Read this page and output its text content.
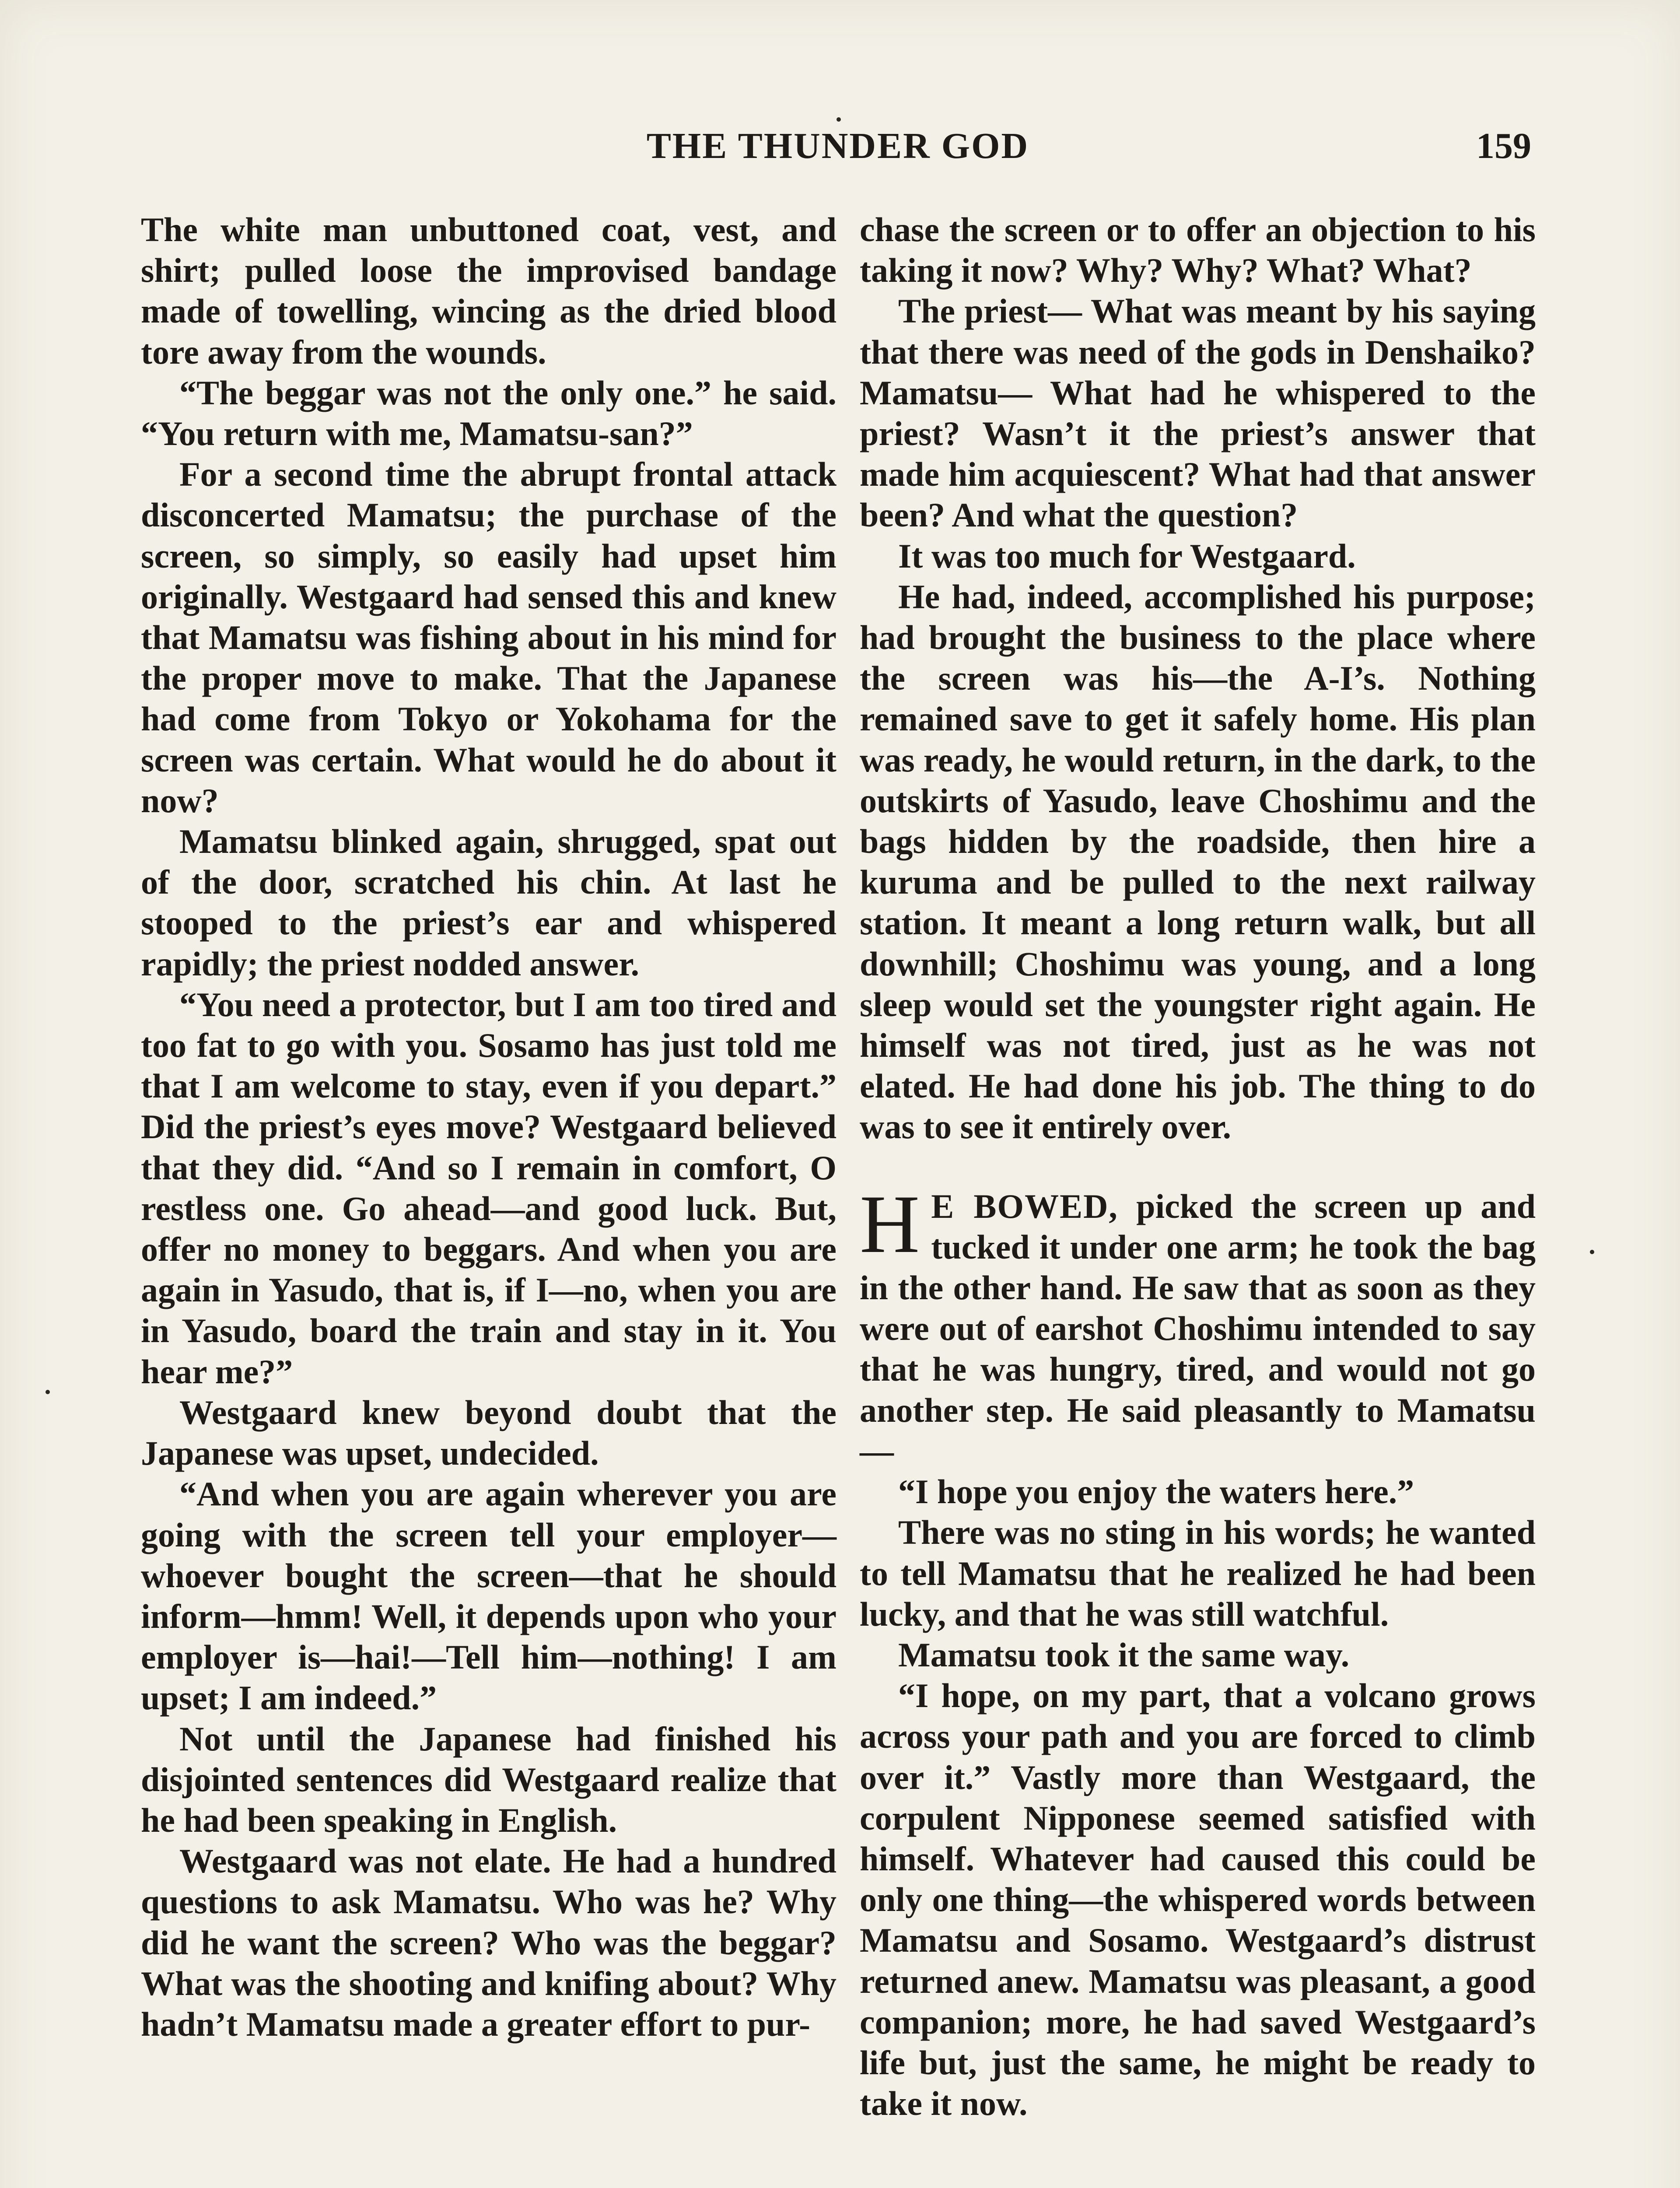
THE THUNDER GOD	159

The white man unbuttoned coat, vest, and shirt; pulled loose the improvised bandage made of towelling, wincing as the dried blood tore away from the wounds.

“The beggar was not the only one.” he said. “You return with me, Mamatsu-san?”

For a second time the abrupt frontal attack disconcerted Mamatsu; the purchase of the screen, so simply, so easily had upset him originally. Westgaard had sensed this and knew that Mamatsu was fishing about in his mind for the proper move to make. That the Japanese had come from Tokyo or Yokohama for the screen was certain. What would he do about it now?

Mamatsu blinked again, shrugged, spat out of the door, scratched his chin. At last he stooped to the priest’s ear and whispered rapidly; the priest nodded answer.

“You need a protector, but I am too tired and too fat to go with you. Sosamo has just told me that I am welcome to stay, even if you depart.” Did the priest’s eyes move? Westgaard believed that they did. “And so I remain in comfort, O restless one. Go ahead—and good luck. But, offer no money to beggars. And when you are again in Yasudo, that is, if I—no, when you are in Yasudo, board the train and stay in it. You hear me?”

Westgaard knew beyond doubt that the Japanese was upset, undecided.

“And when you are again wherever you are going with the screen tell your employer—whoever bought the screen—that he should inform—hmm! Well, it depends upon who your employer is—hai!—Tell him—nothing! I am upset; I am indeed.”

Not until the Japanese had finished his disjointed sentences did Westgaard realize that he had been speaking in English.

Westgaard was not elate. He had a hundred questions to ask Mamatsu. Who was he? Why did he want the screen? Who was the beggar? What was the shooting and knifing about? Why hadn’t Mamatsu made a greater effort to pur-

chase the screen or to offer an objection to his taking it now? Why? Why? What? What?

The priest— What was meant by his saying that there was need of the gods in Denshaiko? Mamatsu— What had he whispered to the priest? Wasn’t it the priest’s answer that made him acquiescent? What had that answer been? And what the question?

It was too much for Westgaard.

He had, indeed, accomplished his purpose; had brought the business to the place where the screen was his—the A-I’s. Nothing remained save to get it safely home. His plan was ready, he would return, in the dark, to the outskirts of Yasudo, leave Choshimu and the bags hidden by the roadside, then hire a kuruma and be pulled to the next railway station. It meant a long return walk, but all downhill; Choshimu was young, and a long sleep would set the youngster right again. He himself was not tired, just as he was not elated. He had done his job. The thing to do was to see it entirely over.

H E BOWED, picked the screen up and tucked it under one arm; he took the bag in the other hand. He saw that as soon as they were out of earshot Choshimu intended to say that he was hungry, tired, and would not go another step. He said pleasantly to Mamatsu—

“I hope you enjoy the waters here.”

There was no sting in his words; he wanted to tell Mamatsu that he realized he had been lucky, and that he was still watchful.

Mamatsu took it the same way.

“I hope, on my part, that a volcano grows across your path and you are forced to climb over it.” Vastly more than Westgaard, the corpulent Nipponese seemed satisfied with himself. Whatever had caused this could be only one thing—the whispered words between Mamatsu and Sosamo. Westgaard’s distrust returned anew. Mamatsu was pleasant, a good companion; more, he had saved Westgaard’s life but, just the same, he might be ready to take it now.
